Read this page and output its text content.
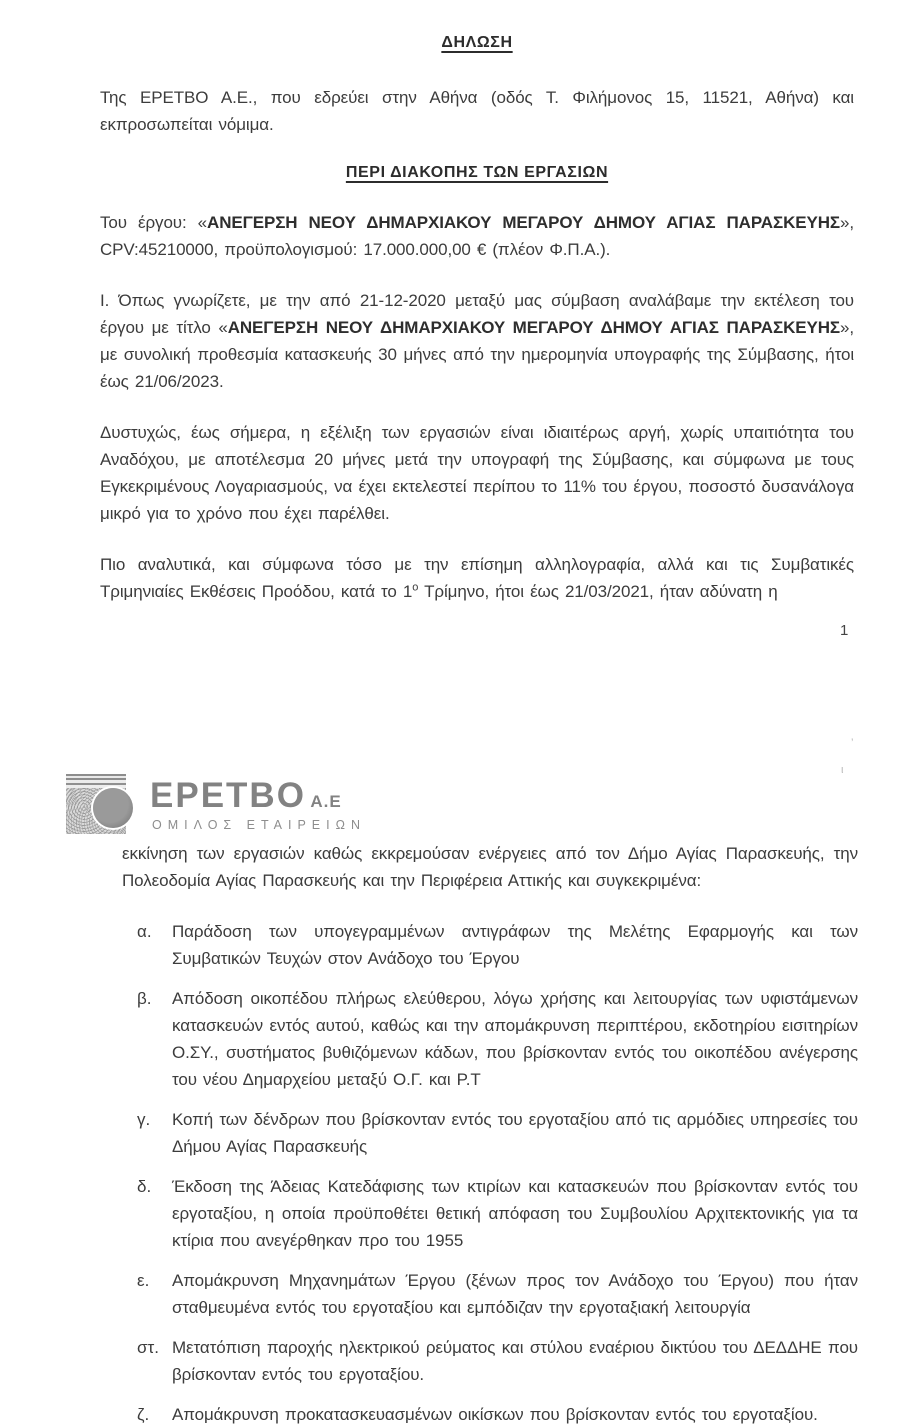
ΔΗΛΩΣΗ

Της ΕΡΕΤΒΟ Α.Ε., που εδρεύει στην Αθήνα (οδός Τ. Φιλήμονος 15, 11521, Αθήνα) και εκπροσωπείται νόμιμα.

ΠΕΡΙ ΔΙΑΚΟΠΗΣ ΤΩΝ ΕΡΓΑΣΙΩΝ

Του έργου: «ΑΝΕΓΕΡΣΗ ΝΕΟΥ ΔΗΜΑΡΧΙΑΚΟΥ ΜΕΓΑΡΟΥ ΔΗΜΟΥ ΑΓΙΑΣ ΠΑΡΑΣΚΕΥΗΣ», CPV:45210000, προϋπολογισμού: 17.000.000,00 € (πλέον Φ.Π.Α.).

Ι. Όπως γνωρίζετε, με την από 21-12-2020 μεταξύ μας σύμβαση αναλάβαμε την εκτέλεση του έργου με τίτλο «ΑΝΕΓΕΡΣΗ ΝΕΟΥ ΔΗΜΑΡΧΙΑΚΟΥ ΜΕΓΑΡΟΥ ΔΗΜΟΥ ΑΓΙΑΣ ΠΑΡΑΣΚΕΥΗΣ», με συνολική προθεσμία κατασκευής 30 μήνες από την ημερομηνία υπογραφής της Σύμβασης, ήτοι έως 21/06/2023.

Δυστυχώς, έως σήμερα, η εξέλιξη των εργασιών είναι ιδιαιτέρως αργή, χωρίς υπαιτιότητα του Αναδόχου, με αποτέλεσμα 20 μήνες μετά την υπογραφή της Σύμβασης, και σύμφωνα με τους Εγκεκριμένους Λογαριασμούς, να έχει εκτελεστεί περίπου το 11% του έργου, ποσοστό δυσανάλογα μικρό για το χρόνο που έχει παρέλθει.

Πιο αναλυτικά, και σύμφωνα τόσο με την επίσημη αλληλογραφία, αλλά και τις Συμβατικές Τριμηνιαίες Εκθέσεις Προόδου, κατά το $1^o$ Τρίμηνο, ήτοι έως 21/03/2021, ήταν αδύνατη η

1
ΕΡΕΤΒΟ Α.Ε
ΟΜΙΛΟΣ ΕΤΑΙΡΕΙΩΝ
’
ι

εκκίνηση των εργασιών καθώς εκκρεμούσαν ενέργειες από τον Δήμο Αγίας Παρασκευής, την Πολεοδομία Αγίας Παρασκευής και την Περιφέρεια Αττικής και συγκεκριμένα:

α.	Παράδοση των υπογεγραμμένων αντιγράφων της Μελέτης Εφαρμογής και των Συμβατικών Τευχών στον Ανάδοχο του Έργου
β.	Απόδοση οικοπέδου πλήρως ελεύθερου, λόγω χρήσης και λειτουργίας των υφιστάμενων κατασκευών εντός αυτού, καθώς και την απομάκρυνση περιπτέρου, εκδοτηρίου εισιτηρίων Ο.ΣΥ., συστήματος βυθιζόμενων κάδων, που βρίσκονταν εντός του οικοπέδου ανέγερσης του νέου Δημαρχείου μεταξύ Ο.Γ. και Ρ.Τ
γ.	Κοπή των δένδρων που βρίσκονταν εντός του εργοταξίου από τις αρμόδιες υπηρεσίες του Δήμου Αγίας Παρασκευής
δ.	Έκδοση της Άδειας Κατεδάφισης των κτιρίων και κατασκευών που βρίσκονταν εντός του εργοταξίου, η οποία προϋποθέτει θετική απόφαση του Συμβουλίου Αρχιτεκτονικής για τα κτίρια που ανεγέρθηκαν προ του 1955
ε.	Απομάκρυνση Μηχανημάτων Έργου (ξένων προς τον Ανάδοχο του Έργου) που ήταν σταθμευμένα εντός του εργοταξίου και εμπόδιζαν την εργοταξιακή λειτουργία
στ. Μετατόπιση παροχής ηλεκτρικού ρεύματος και στύλου εναέριου δικτύου του ΔΕΔΔΗΕ που βρίσκονταν εντός του εργοταξίου.
ζ.	Απομάκρυνση προκατασκευασμένων οικίσκων που βρίσκονταν εντός του εργοταξίου.
